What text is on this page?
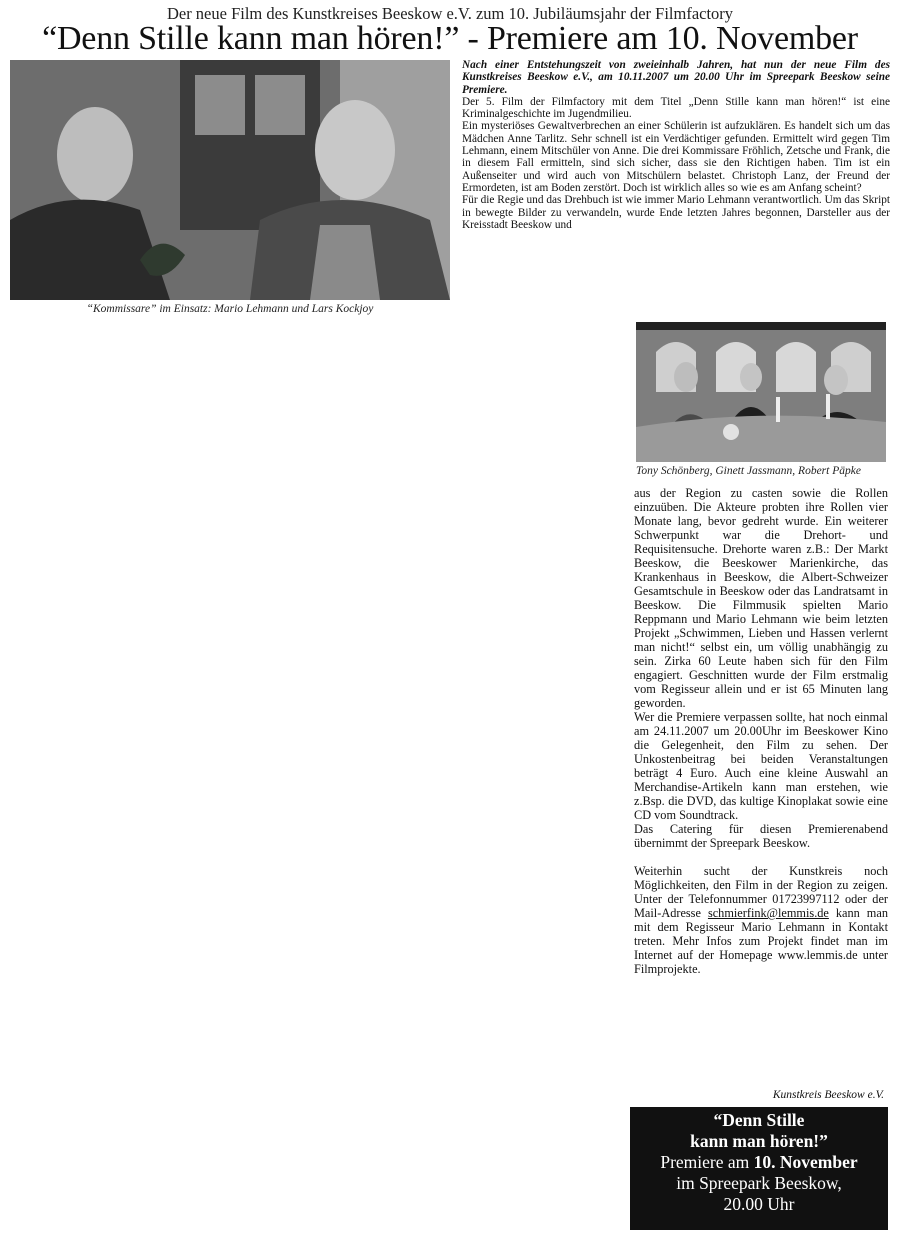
Der neue Film des Kunstkreises Beeskow e.V. zum 10. Jubiläumsjahr der Filmfactory
“Denn Stille kann man hören!” - Premiere am 10. November
“Kommissare” im Einsatz: Mario Lehmann und Lars Kockjoy

Nach einer Entstehungszeit von zweieinhalb Jahren, hat nun der neue Film des Kunstkreises Beeskow e.V., am 10.11.2007 um 20.00 Uhr im Spreepark Beeskow seine Premiere.

Der 5. Film der Filmfactory mit dem Titel „Denn Stille kann man hören!“ ist eine Kriminalgeschichte im Jugendmilieu.

Ein mysteriöses Gewaltverbrechen an einer Schülerin ist aufzuklären. Es handelt sich um das Mädchen Anne Tarlitz. Sehr schnell ist ein Verdächtiger gefunden. Ermittelt wird gegen Tim Lehmann, einem Mitschüler von Anne. Die drei Kommissare Fröhlich, Zetsche und Frank, die in diesem Fall ermitteln, sind sich sicher, dass sie den Richtigen haben. Tim ist ein Außenseiter und wird auch von Mitschülern belastet. Christoph Lanz, der Freund der Ermordeten, ist am Boden zerstört. Doch ist wirklich alles so wie es am Anfang scheint?

Für die Regie und das Drehbuch ist wie immer Mario Lehmann verantwortlich. Um das Skript in bewegte Bilder zu verwandeln, wurde Ende letzten Jahres begonnen, Darsteller aus der Kreisstadt Beeskow und

Tony Schönberg, Ginett Jassmann, Robert Päpke

aus der Region zu casten sowie die Rollen einzuüben. Die Akteure probten ihre Rollen vier Monate lang, bevor gedreht wurde. Ein weiterer Schwerpunkt war die Drehort- und Requisitensuche. Drehorte waren z.B.: Der Markt Beeskow, die Beeskower Marienkirche, das Krankenhaus in Beeskow, die Albert-Schweizer Gesamtschule in Beeskow oder das Landratsamt in Beeskow. Die Filmmusik spielten Mario Reppmann und Mario Lehmann wie beim letzten Projekt „Schwimmen, Lieben und Hassen verlernt man nicht!“ selbst ein, um völlig unabhängig zu sein. Zirka 60 Leute haben sich für den Film engagiert. Geschnitten wurde der Film erstmalig vom Regisseur allein und er ist 65 Minuten lang geworden.

Wer die Premiere verpassen sollte, hat noch einmal am 24.11.2007 um 20.00Uhr im Beeskower Kino die Gelegenheit, den Film zu sehen. Der Unkostenbeitrag bei beiden Veranstaltungen beträgt 4 Euro. Auch eine kleine Auswahl an Merchandise-Artikeln kann man erstehen, wie z.Bsp. die DVD, das kultige Kinoplakat sowie eine CD vom Soundtrack.

Das Catering für diesen Premierenabend übernimmt der Spreepark Beeskow.

Weiterhin sucht der Kunstkreis noch Möglichkeiten, den Film in der Region zu zeigen. Unter der Telefonnummer 01723997112 oder der Mail-Adresse schmierfink@lemmis.de kann man mit dem Regisseur Mario Lehmann in Kontakt treten. Mehr Infos zum Projekt findet man im Internet auf der Homepage www.lemmis.de unter Filmprojekte.

Kunstkreis Beeskow e.V.
“Denn Stille
kann man hören!”
Premiere am 10. November
im Spreepark Beeskow,
20.00 Uhr
